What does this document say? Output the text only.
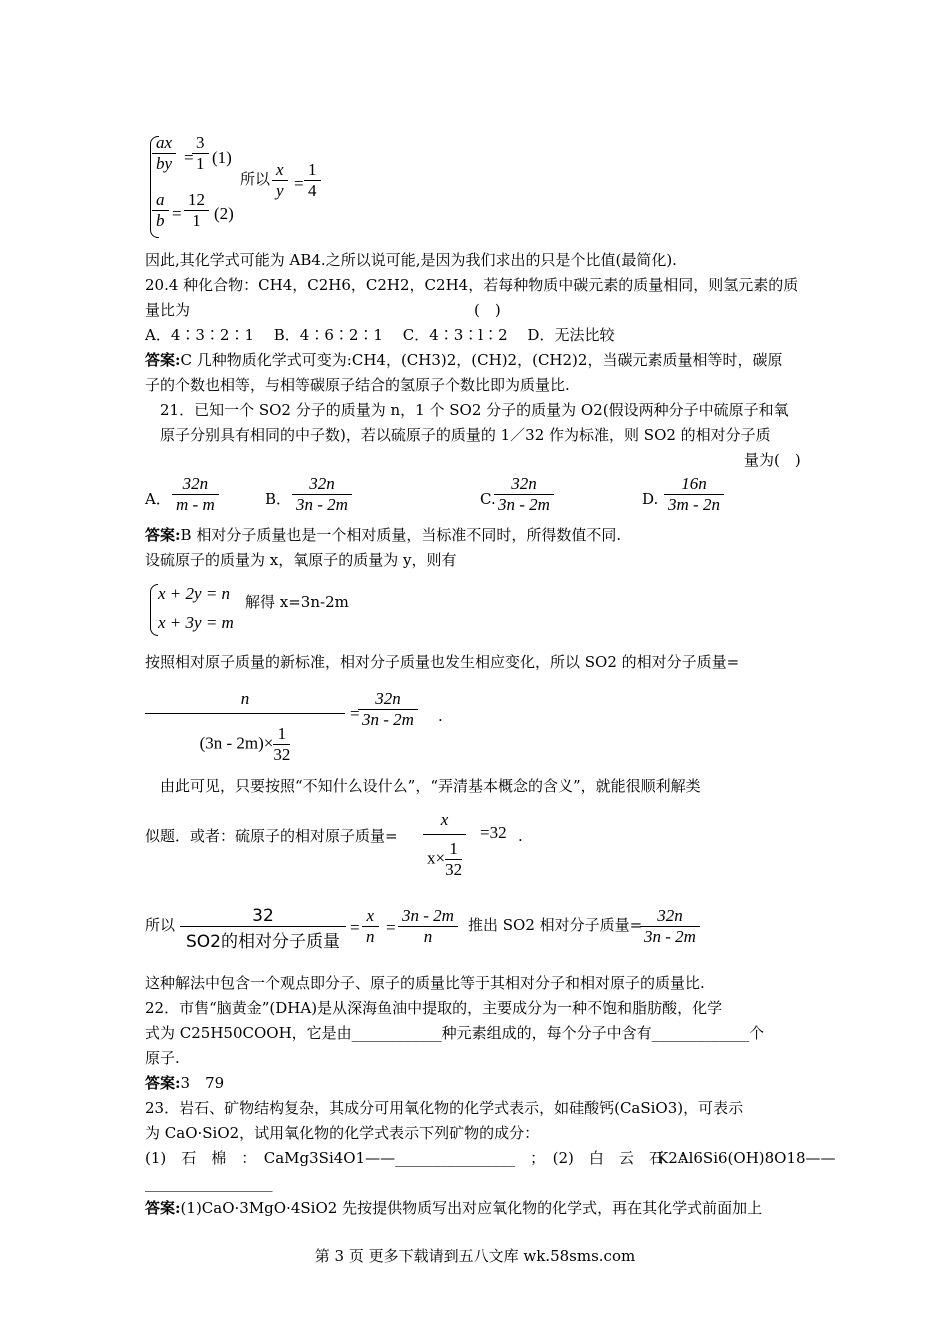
$\frac{ax}{by}$ =
$\frac{3}{1} (1)$
$\frac{a}{b} = \frac{12}{1} (2)$
所以 $\frac{x}{y} = \frac{1}{4}$
因此,其化学式可能为 AB4.之所以说可能,是因为我们求出的只是个比值(最简化).
20.4 种化合物：CH4，C2H6，C2H2，C2H4，若每种物质中碳元素的质量相同，则氢元素的质
量比为	(　)
A．4∶3∶2∶1　 B．4∶6∶2∶1　 C．4∶3∶l∶2　 D．无法比较
答案:C 几种物质化学式可变为:CH4，(CH3)2，(CH)2，(CH2)2，当碳元素质量相等时，碳原
子的个数也相等，与相等碳原子结合的氢原子个数比即为质量比.
21．已知一个 SO2 分子的质量为 n，1 个 SO2 分子的质量为 O2(假设两种分子中硫原子和氧
原子分别具有相同的中子数)，若以硫原子的质量的 1／32 作为标准，则 SO2 的相对分子质
量为(　)
A． $\frac{32n}{m - m}$	B． $\frac{32n}{3n - 2m}$	C.
$\frac{32n}{3n - 2m}$	D. $\frac{16n}{3m - 2n}$
答案:B 相对分子质量也是一个相对质量，当标准不同时，所得数值不同.
设硫原子的质量为 x，氧原子的质量为 y，则有
x + 2y = n
x + 3y = m
解得 x=3n-2m
按照相对原子质量的新标准，相对分子质量也发生相应变化，所以 SO2 的相对分子质量=
$\frac{n}{(3n - 2m)\times \frac{1}{32}}$ =
$\frac{32n}{3n - 2m}$ .
由此可见，只要按照“不知什么设什么”，“弄清基本概念的含义”，就能很顺利解类
似题．或者：硫原子的相对原子质量= $\frac{x}{x\times \frac{1}{32}} =32$ .
所以	32
SO2的相对分子质量
= $\frac{x}{n} = \frac{3n - 2m}{n}$ 推出 SO2 相对分子质量=
$\frac{32n}{3n - 2m}$
这种解法中包含一个观点即分子、原子的质量比等于其相对分子和相对原子的质量比.
22．市售“脑黄金”(DHA)是从深海鱼油中提取的，主要成分为一种不饱和脂肪酸，化学
式为 C25H50COOH，它是由____________种元素组成的，每个分子中含有_____________个
原子.
答案:3　79
23．岩石、矿物结构复杂，其成分可用氧化物的化学式表示，如硅酸钙(CaSiO3)，可表示
为 CaO·SiO2，试用氧化物的化学式表示下列矿物的成分：
(1)　石　棉　：　CaMg3Si4O1——________________　；　(2)　白　云　石　：
K2Al6Si6(OH)8O18——
_________________
答案:(1)CaO·3MgO·4SiO2 先按提供物质写出对应氧化物的化学式，再在其化学式前面加上
第 3 页 更多下载请到五八文库 wk.58sms.com
